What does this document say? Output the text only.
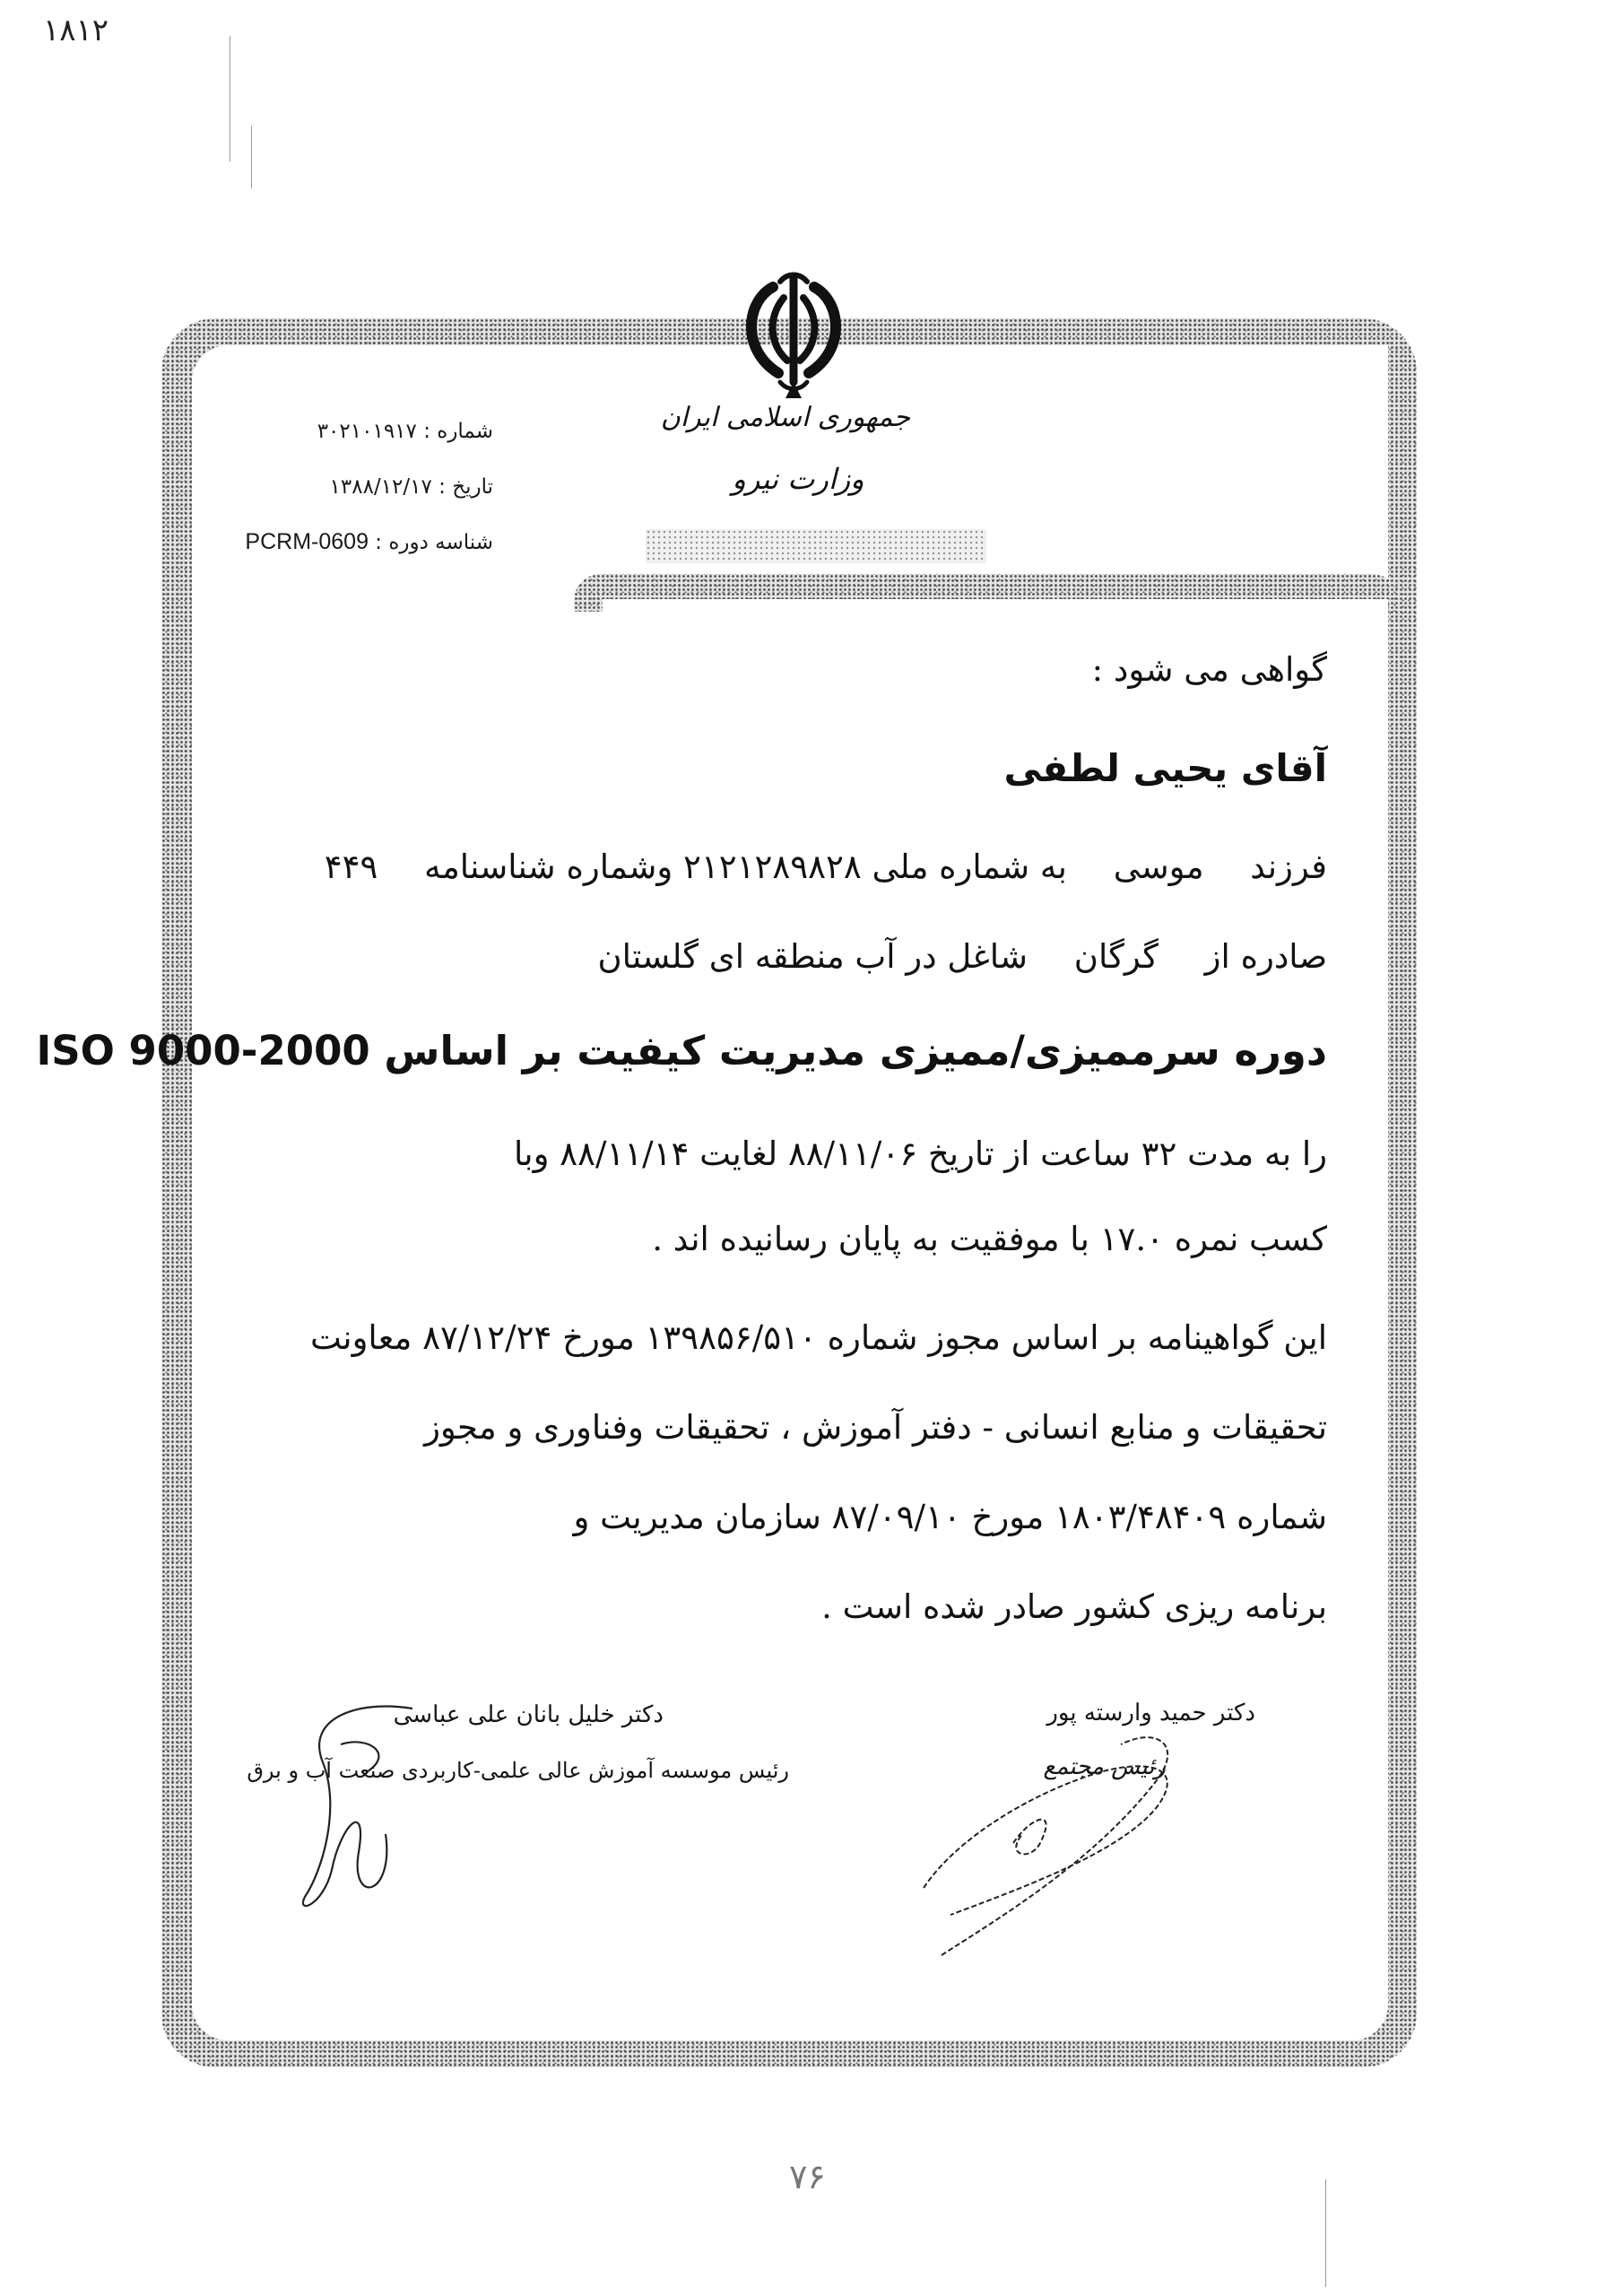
۱۸۱۲
جمهوری اسلامی ایران
وزارت نیرو
شماره : ۳۰۲۱۰۱۹۱۷
تاریخ : ۱۳۸۸/۱۲/۱۷
شناسه دوره : PCRM-0609
گواهی می شود :
آقای یحیی لطفی
فرزند موسی به شماره ملی ۲۱۲۱۲۸۹۸۲۸ وشماره شناسنامه ۴۴۹
صادره از گرگان شاغل در آب منطقه ای گلستان
دوره سرممیزی/ممیزی مدیریت کیفیت بر اساس ISO 9000-2000
را به مدت ۳۲ ساعت از تاریخ ۸۸/۱۱/۰۶ لغایت ۸۸/۱۱/۱۴ وبا
کسب نمره ۱۷.۰ با موفقیت به پایان رسانیده اند .
این گواهینامه بر اساس مجوز شماره ۱۳۹۸۵۶/۵۱۰ مورخ ۸۷/۱۲/۲۴ معاونت
تحقیقات و منابع انسانی - دفتر آموزش ، تحقیقات وفناوری و مجوز
شماره ۱۸۰۳/۴۸۴۰۹ مورخ ۸۷/۰۹/۱۰ سازمان مدیریت و
برنامه ریزی کشور صادر شده است .
دکتر حمید وارسته پور
رئیس مجتمع
دکتر خلیل بانان علی عباسی
رئیس موسسه آموزش عالی علمی-کاربردی صنعت آب و برق
۷۶
